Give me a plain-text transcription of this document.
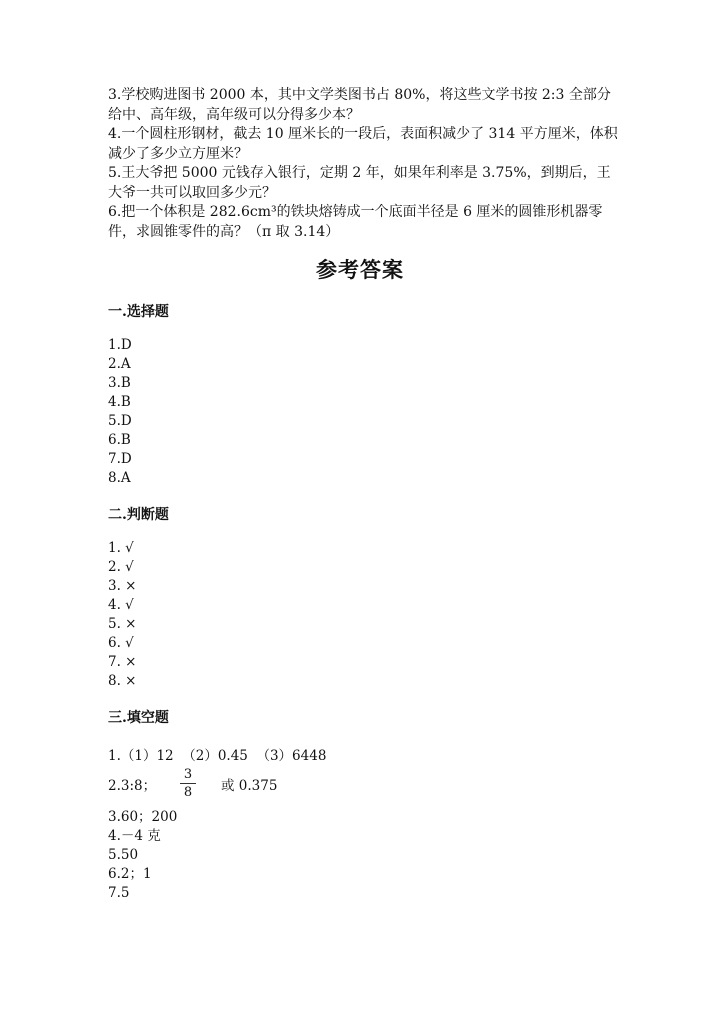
3.学校购进图书 2000 本，其中文学类图书占 80%，将这些文学书按 2:3 全部分给中、高年级，高年级可以分得多少本？

4.一个圆柱形钢材，截去 10 厘米长的一段后，表面积减少了 314 平方厘米，体积减少了多少立方厘米？

5.王大爷把 5000 元钱存入银行，定期 2 年，如果年利率是 3.75%，到期后，王大爷一共可以取回多少元？

6.把一个体积是 282.6cm³的铁块熔铸成一个底面半径是 6 厘米的圆锥形机器零件，求圆锥零件的高？（π 取 3.14）

参考答案
一.选择题
1.D
2.A
3.B
4.B
5.D
6.B
7.D
8.A
二.判断题
1. √
2. √
3. ×
4. √
5. ×
6. √
7. ×
8. ×
三.填空题
1.（1）12  （2）0.45  （3）6448
2.3:8；
3
8 或 0.375
3.60；200
4.－4 克
5.50
6.2；1
7.5
